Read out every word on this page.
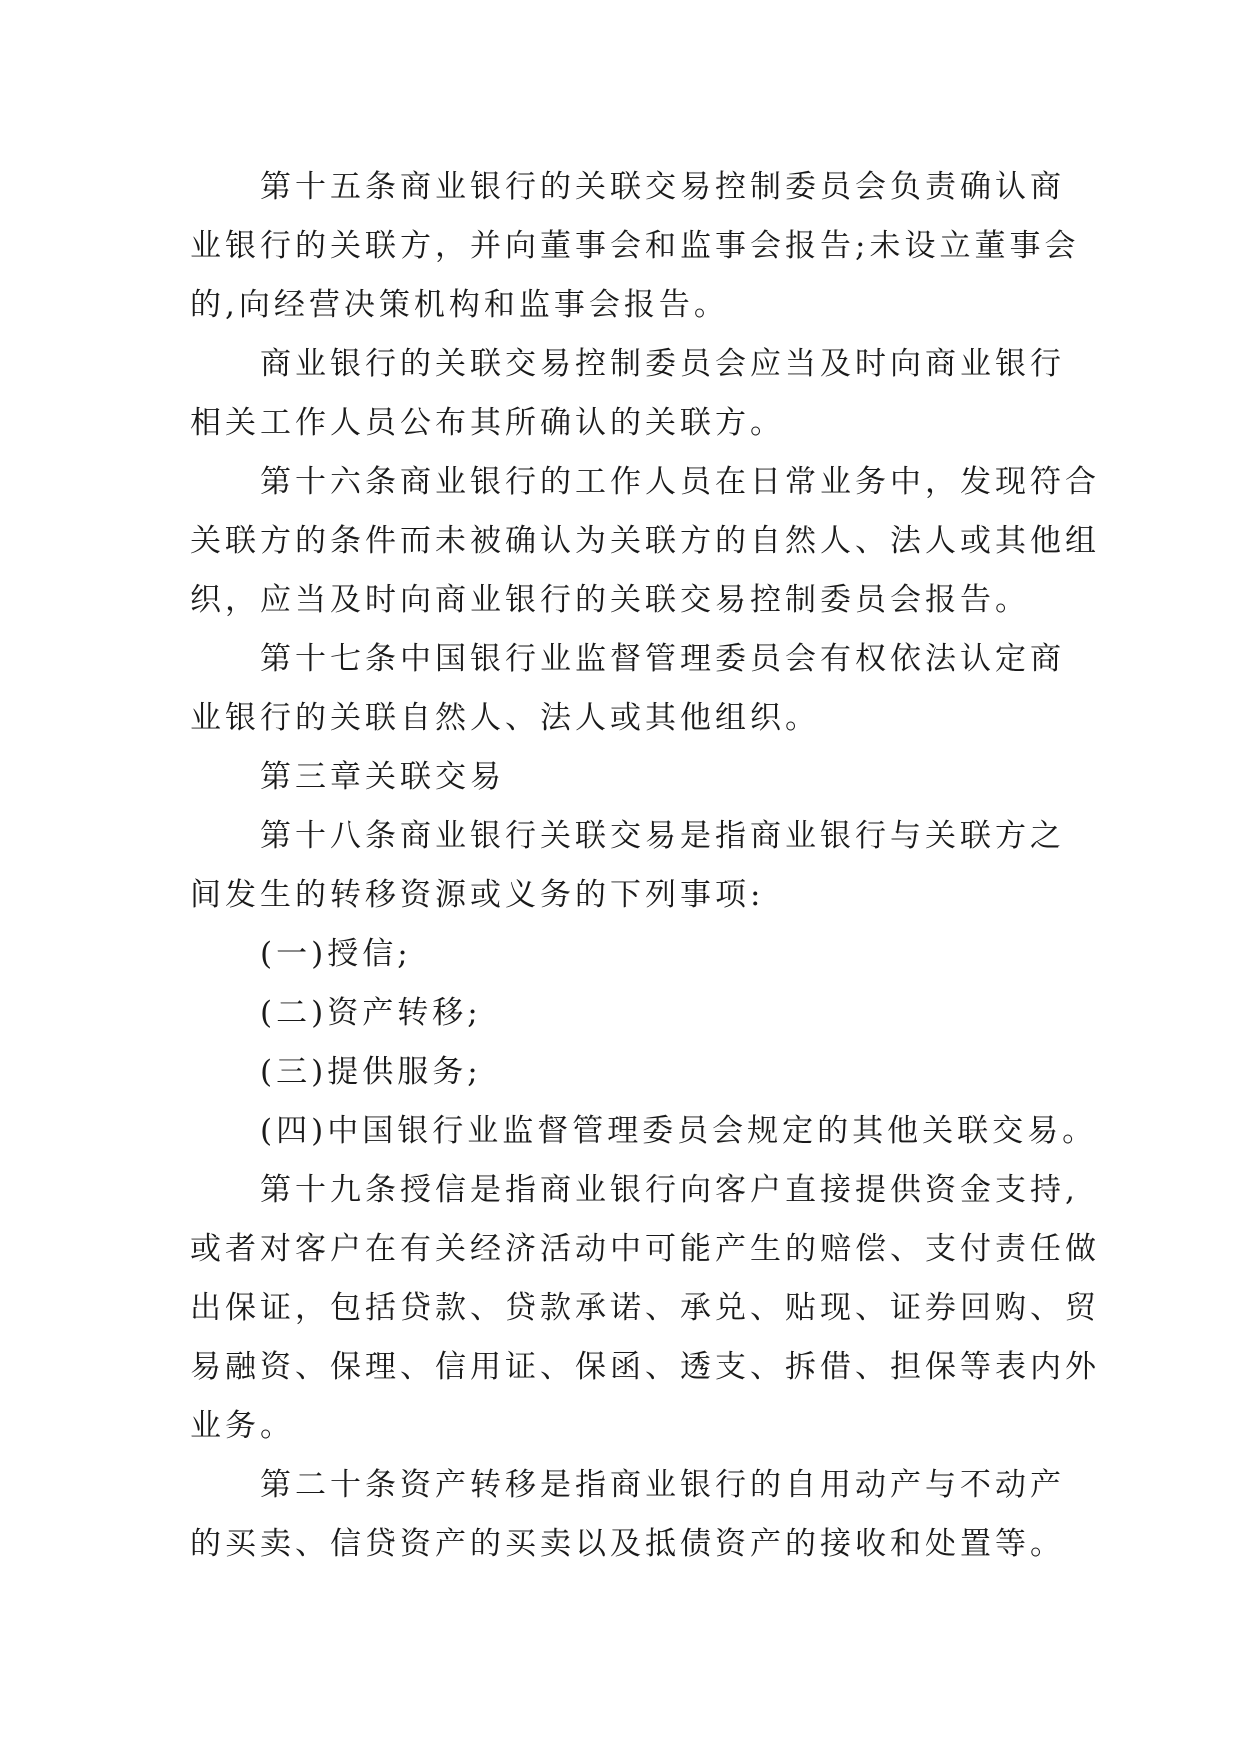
第十五条商业银行的关联交易控制委员会负责确认商
业银行的关联方，并向董事会和监事会报告;未设立董事会
的,向经营决策机构和监事会报告。
商业银行的关联交易控制委员会应当及时向商业银行
相关工作人员公布其所确认的关联方。
第十六条商业银行的工作人员在日常业务中，发现符合
关联方的条件而未被确认为关联方的自然人、法人或其他组
织，应当及时向商业银行的关联交易控制委员会报告。
第十七条中国银行业监督管理委员会有权依法认定商
业银行的关联自然人、法人或其他组织。
第三章关联交易
第十八条商业银行关联交易是指商业银行与关联方之
间发生的转移资源或义务的下列事项:
(一)授信;
(二)资产转移;
(三)提供服务;
(四)中国银行业监督管理委员会规定的其他关联交易。
第十九条授信是指商业银行向客户直接提供资金支持,
或者对客户在有关经济活动中可能产生的赔偿、支付责任做
出保证，包括贷款、贷款承诺、承兑、贴现、证券回购、贸
易融资、保理、信用证、保函、透支、拆借、担保等表内外
业务。
第二十条资产转移是指商业银行的自用动产与不动产
的买卖、信贷资产的买卖以及抵债资产的接收和处置等。
